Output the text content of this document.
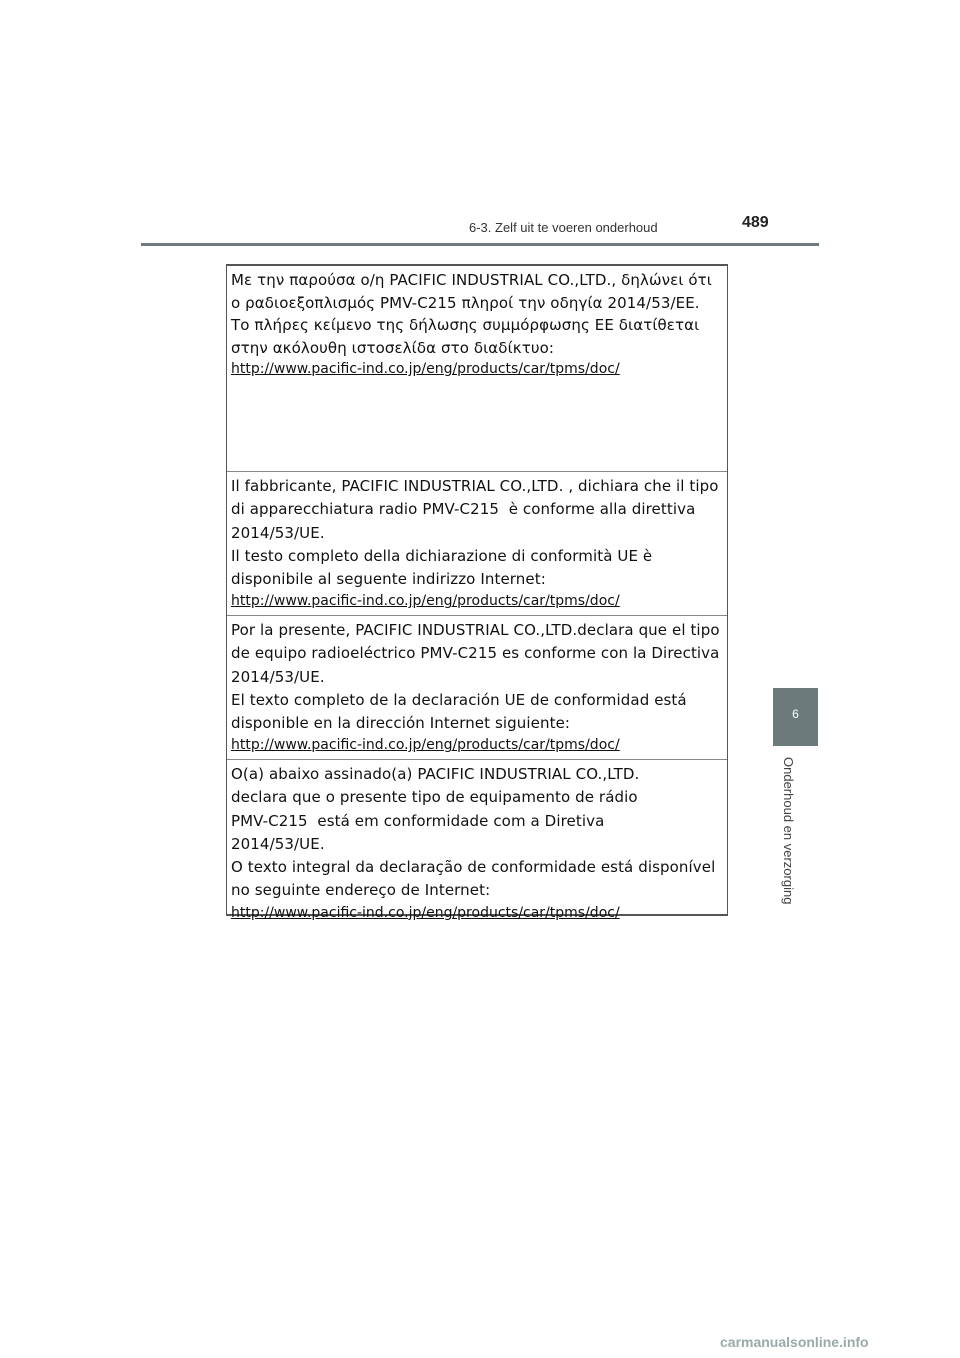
6-3. Zelf uit te voeren onderhoud	489
6
Onderhoud en verzorging
Με την παρούσα ο/η PACIFIC INDUSTRIAL CO.,LTD., δηλώνει ότι ο ραδιοεξοπλισμός PMV-C215 πληροί την οδηγία 2014/53/ΕΕ. Το πλήρες κείμενο της δήλωσης συμμόρφωσης ΕΕ διατίθεται στην ακόλουθη ιστοσελίδα στο διαδίκτυο:
http://www.pacific-ind.co.jp/eng/products/car/tpms/doc/
Il fabbricante, PACIFIC INDUSTRIAL CO.,LTD. , dichiara che il tipo di apparecchiatura radio PMV-C215  è conforme alla direttiva 2014/53/UE.
Il testo completo della dichiarazione di conformità UE è disponibile al seguente indirizzo Internet:
http://www.pacific-ind.co.jp/eng/products/car/tpms/doc/
Por la presente, PACIFIC INDUSTRIAL CO.,LTD.declara que el tipo de equipo radioeléctrico PMV-C215 es conforme con la Directiva 2014/53/UE.
El texto completo de la declaración UE de conformidad está disponible en la dirección Internet siguiente:
http://www.pacific-ind.co.jp/eng/products/car/tpms/doc/
O(a) abaixo assinado(a) PACIFIC INDUSTRIAL CO.,LTD.
declara que o presente tipo de equipamento de rádio
PMV-C215  está em conformidade com a Diretiva
2014/53/UE.
O texto integral da declaração de conformidade está disponível no seguinte endereço de Internet:
http://www.pacific-ind.co.jp/eng/products/car/tpms/doc/
carmanualsonline.info
